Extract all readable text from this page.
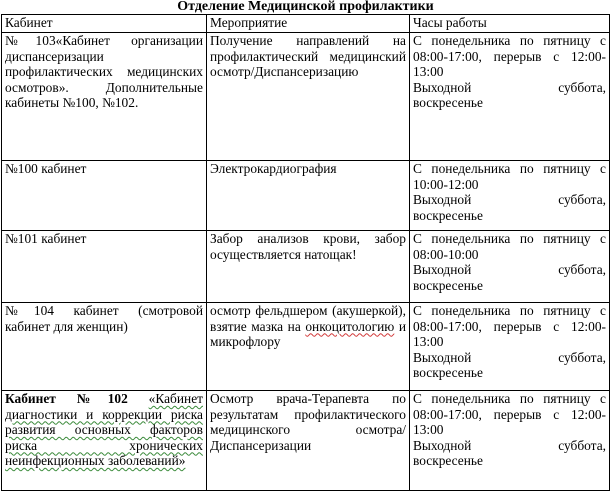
Отделение Медицинской профилактики
Кабинет	Мероприятие	Часы работы
№103«Кабинет организации диспансеризации профилактических медицинских осмотров». Дополнительные кабинеты №100, №102.	Получение направлений на профилактический медицинский осмотр/Диспансеризацию	С понедельника по пятницу с 08:00-17:00, перерыв с 12:00-13:00
Выходной суббота,
воскресенье

№100 кабинет	Электрокардиография	С понедельника по пятницу с 10:00-12:00
Выходной суббота,
воскресенье

№101 кабинет	Забор анализов крови, забор осуществляется натощак!	С понедельника по пятницу с 08:00-10:00
Выходной суббота,
воскресенье

№104 кабинет (смотровой кабинет для женщин)	осмотр фельдшером (акушеркой), взятие мазка на онкоцитологию и микрофлору	С понедельника по пятницу с 08:00-17:00, перерыв с 12:00-13:00
Выходной суббота,
воскресенье

Кабинет №102 «Кабинет диагностики и коррекции риска развития основных факторов риска хронических неинфекционных заболеваний»	Осмотр врача-Терапевта по результатам профилактического медицинского осмотра/Диспансеризации	С понедельника по пятницу с 08:00-17:00, перерыв с 12:00-13:00
Выходной суббота,
воскресенье
